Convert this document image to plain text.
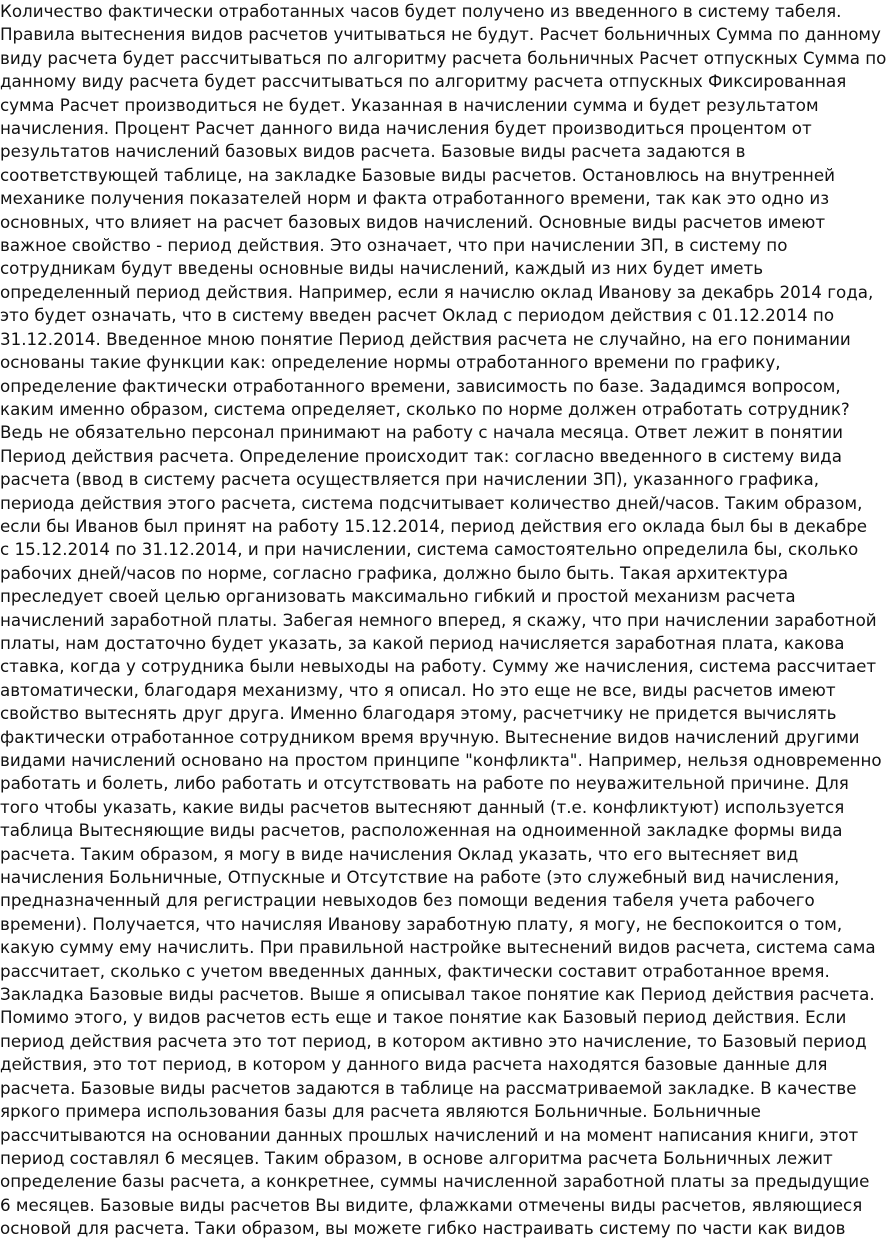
Количество фактически отработанных часов будет получено из введенного в систему табеля.
Правила вытеснения видов расчетов учитываться не будут. Расчет больничных Сумма по данному
виду расчета будет рассчитываться по алгоритму расчета больничных Расчет отпускных Сумма по
данному виду расчета будет рассчитываться по алгоритму расчета отпускных Фиксированная
сумма Расчет производиться не будет. Указанная в начислении сумма и будет результатом
начисления. Процент Расчет данного вида начисления будет производиться процентом от
результатов начислений базовых видов расчета. Базовые виды расчета задаются в
соответствующей таблице, на закладке Базовые виды расчетов. Остановлюсь на внутренней
механике получения показателей норм и факта отработанного времени, так как это одно из
основных, что влияет на расчет базовых видов начислений. Основные виды расчетов имеют
важное свойство - период действия. Это означает, что при начислении ЗП, в систему по
сотрудникам будут введены основные виды начислений, каждый из них будет иметь
определенный период действия. Например, если я начислю оклад Иванову за декабрь 2014 года,
это будет означать, что в систему введен расчет Оклад с периодом действия с 01.12.2014 по
31.12.2014. Введенное мною понятие Период действия расчета не случайно, на его понимании
основаны такие функции как: определение нормы отработанного времени по графику,
определение фактически отработанного времени, зависимость по базе. Зададимся вопросом,
каким именно образом, система определяет, сколько по норме должен отработать сотрудник?
Ведь не обязательно персонал принимают на работу с начала месяца. Ответ лежит в понятии
Период действия расчета. Определение происходит так: согласно введенного в систему вида
расчета (ввод в систему расчета осуществляется при начислении ЗП), указанного графика,
периода действия этого расчета, система подсчитывает количество дней/часов. Таким образом,
если бы Иванов был принят на работу 15.12.2014, период действия его оклада был бы в декабре
с 15.12.2014 по 31.12.2014, и при начислении, система самостоятельно определила бы, сколько
рабочих дней/часов по норме, согласно графика, должно было быть. Такая архитектура
преследует своей целью организовать максимально гибкий и простой механизм расчета
начислений заработной платы. Забегая немного вперед, я скажу, что при начислении заработной
платы, нам достаточно будет указать, за какой период начисляется заработная плата, какова
ставка, когда у сотрудника были невыходы на работу. Сумму же начисления, система рассчитает
автоматически, благодаря механизму, что я описал. Но это еще не все, виды расчетов имеют
свойство вытеснять друг друга. Именно благодаря этому, расчетчику не придется вычислять
фактически отработанное сотрудником время вручную. Вытеснение видов начислений другими
видами начислений основано на простом принципе "конфликта". Например, нельзя одновременно
работать и болеть, либо работать и отсутствовать на работе по неуважительной причине. Для
того чтобы указать, какие виды расчетов вытесняют данный (т.е. конфликтуют) используется
таблица Вытесняющие виды расчетов, расположенная на одноименной закладке формы вида
расчета. Таким образом, я могу в виде начисления Оклад указать, что его вытесняет вид
начисления Больничные, Отпускные и Отсутствие на работе (это служебный вид начисления,
предназначенный для регистрации невыходов без помощи ведения табеля учета рабочего
времени). Получается, что начисляя Иванову заработную плату, я могу, не беспокоится о том,
какую сумму ему начислить. При правильной настройке вытеснений видов расчета, система сама
рассчитает, сколько с учетом введенных данных, фактически составит отработанное время.
Закладка Базовые виды расчетов. Выше я описывал такое понятие как Период действия расчета.
Помимо этого, у видов расчетов есть еще и такое понятие как Базовый период действия. Если
период действия расчета это тот период, в котором активно это начисление, то Базовый период
действия, это тот период, в котором у данного вида расчета находятся базовые данные для
расчета. Базовые виды расчетов задаются в таблице на рассматриваемой закладке. В качестве
яркого примера использования базы для расчета являются Больничные. Больничные
рассчитываются на основании данных прошлых начислений и на момент написания книги, этот
период составлял 6 месяцев. Таким образом, в основе алгоритма расчета Больничных лежит
определение базы расчета, а конкретнее, суммы начисленной заработной платы за предыдущие
6 месяцев. Базовые виды расчетов Вы видите, флажками отмечены виды расчетов, являющиеся
основой для расчета. Таки образом, вы можете гибко настраивать систему по части как видов
